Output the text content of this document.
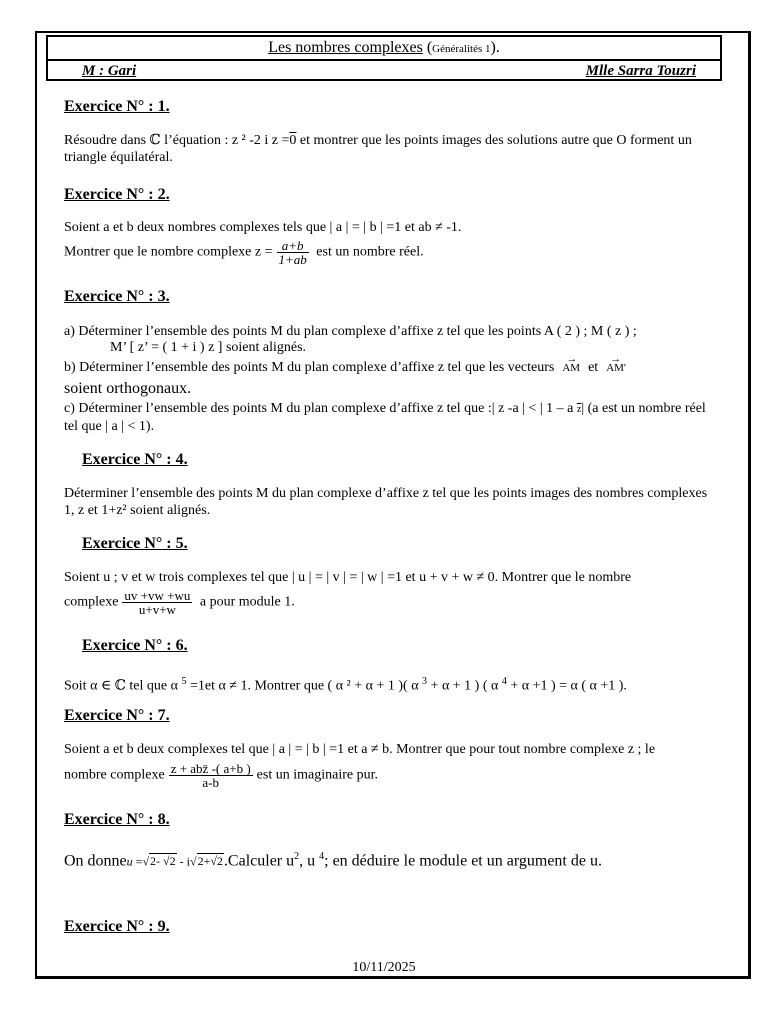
Les nombres complexes (Généralités 1).
M : Gari	Mlle Sarra Touzri
Exercice N° : 1.
Résoudre dans ℂ l’équation : z ² -2 i z =0 et montrer que les points images des solutions autre que O forment un triangle équilatéral.
Exercice N° : 2.
Soient a et b deux nombres complexes tels que | a | = | b | =1 et ab ≠ -1.
Montrer que le nombre complexe $z = \frac{a+b}{1+ab}$ est un nombre réel.
Exercice N° : 3.
a) Déterminer l’ensemble des points M du plan complexe d’affixe z tel que les points A ( 2 ) ; M ( z ) ;
M’ [ z’ = ( 1 + i ) z ] soient alignés.
b) Déterminer l’ensemble des points M du plan complexe d’affixe z tel que les vecteurs
→
AM et
→
AM'
soient orthogonaux.
c) Déterminer l’ensemble des points M du plan complexe d’affixe z tel que :| z -a | < | 1 – a $\overline{z}|$ (a est un nombre réel tel que | a | < 1).
Exercice N° : 4.
Déterminer l’ensemble des points M du plan complexe d’affixe z tel que les points images des nombres complexes 1, z et 1+z² soient alignés.
Exercice N° : 5.
Soient u ; v et w trois complexes tel que | u | = | v | = | w | =1 et u + v + w ≠ 0. Montrer que le nombre
complexe $\frac{uv +vw +wu}{u+v+w}$ a pour module 1.
Exercice N° : 6.
Soit α ∈ ℂ tel que α $^5$ =1et α ≠ 1. Montrer que ( α ² + α + 1 )( α $^3$ + α + 1 ) ( α $^4$ + α +1 ) = α ( α +1 ).
Exercice N° : 7.
Soient a et b deux complexes tel que | a | = | b | =1 et a ≠ b. Montrer que pour tout nombre complexe z ; le
nombre complexe $\frac{\text{z + abz̄ -( a+b )}}{a-b}$ est un imaginaire pur.
Exercice N° : 8.
On donneu =√2- √2 - i√2+√2.Calculer $u^2$, u $^4$; en déduire le module et un argument de u.
Exercice N° : 9.
10/11/2025
